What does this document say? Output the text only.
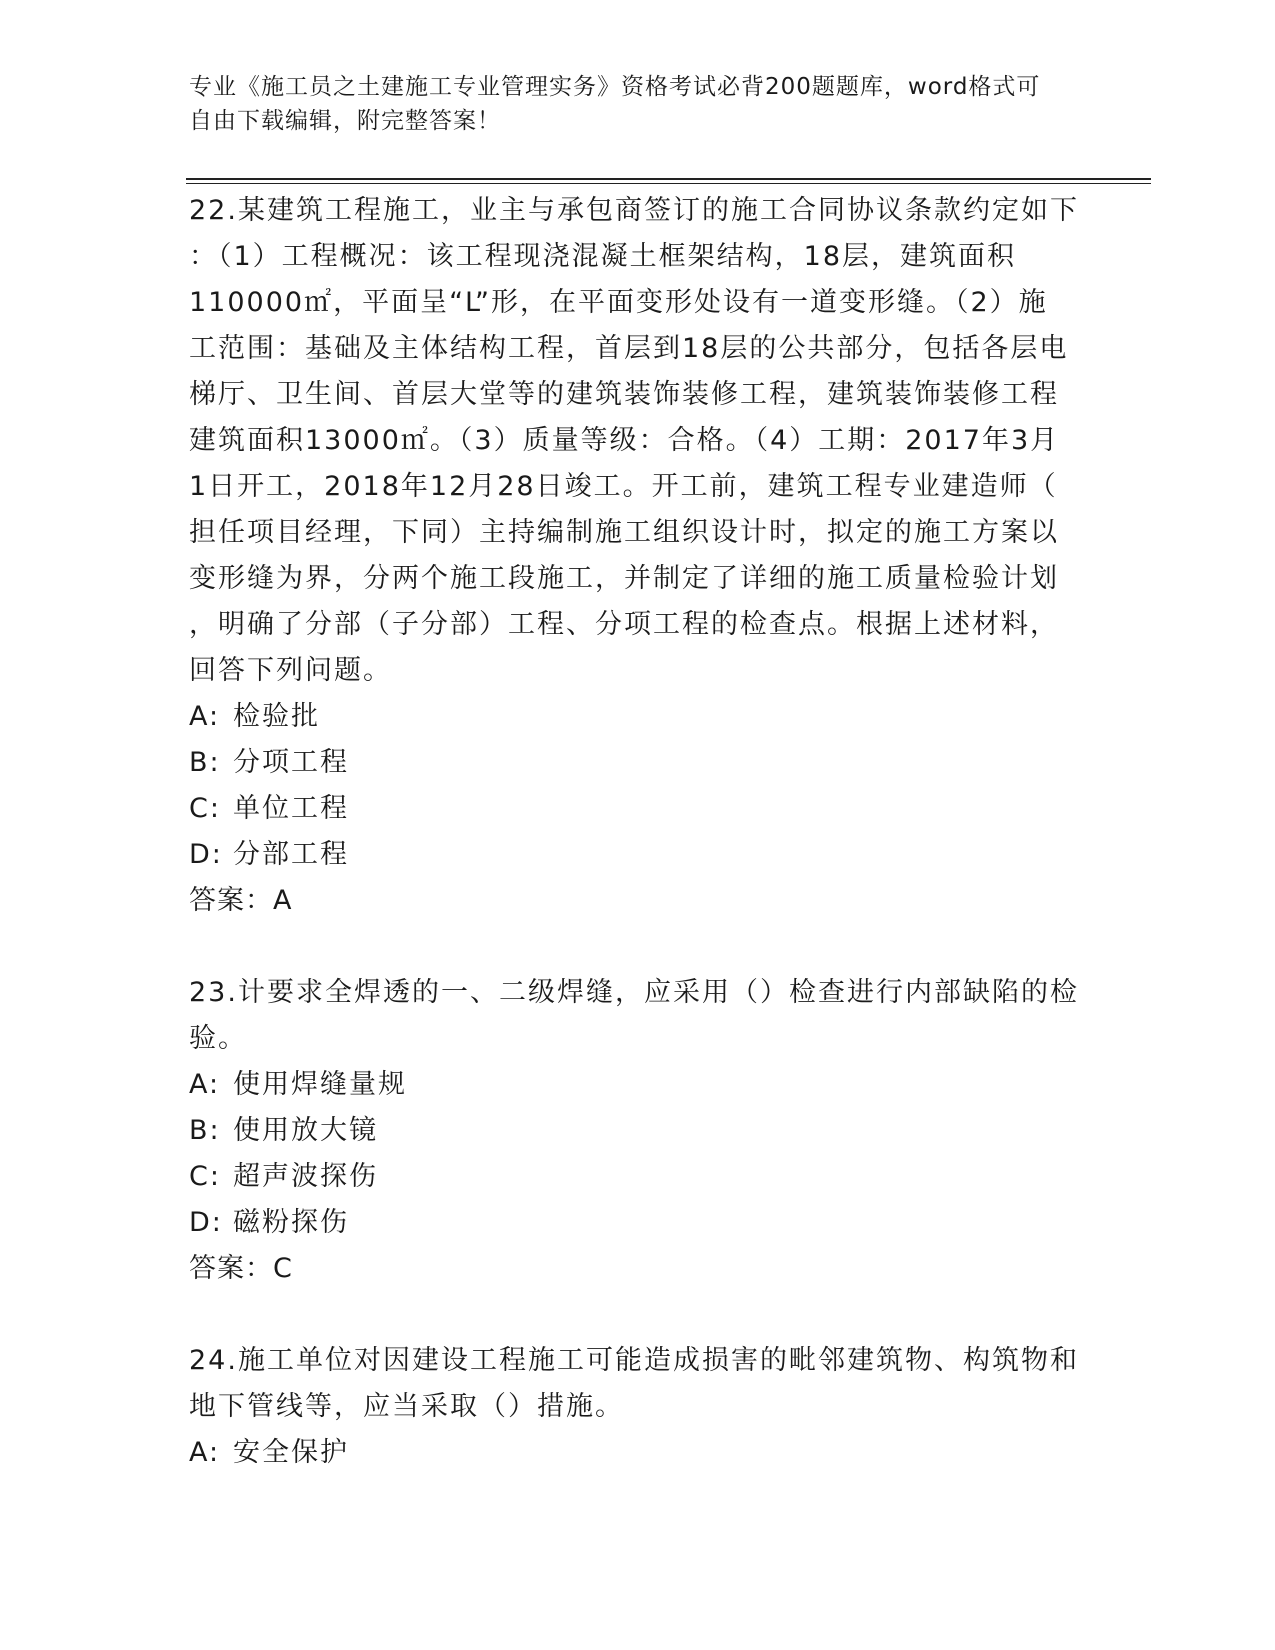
专业《施工员之土建施工专业管理实务》资格考试必背200题题库，word格式可
自由下载编辑，附完整答案！

22.某建筑工程施工，业主与承包商签订的施工合同协议条款约定如下

：（1）工程概况：该工程现浇混凝土框架结构，18层，建筑面积

110000㎡，平面呈“L”形，在平面变形处设有一道变形缝。（2）施

工范围：基础及主体结构工程，首层到18层的公共部分，包括各层电

梯厅、卫生间、首层大堂等的建筑装饰装修工程，建筑装饰装修工程

建筑面积13000㎡。（3）质量等级：合格。（4）工期：2017年3月

1日开工，2018年12月28日竣工。开工前，建筑工程专业建造师（

担任项目经理，下同）主持编制施工组织设计时，拟定的施工方案以

变形缝为界，分两个施工段施工，并制定了详细的施工质量检验计划

，明确了分部（子分部）工程、分项工程的检查点。根据上述材料，

回答下列问题。

A: 检验批

B: 分项工程

C: 单位工程

D: 分部工程

答案：A

23.计要求全焊透的一、二级焊缝，应采用（）检查进行内部缺陷的检

验。

A: 使用焊缝量规

B: 使用放大镜

C: 超声波探伤

D: 磁粉探伤

答案：C

24.施工单位对因建设工程施工可能造成损害的毗邻建筑物、构筑物和

地下管线等，应当采取（）措施。

A: 安全保护
